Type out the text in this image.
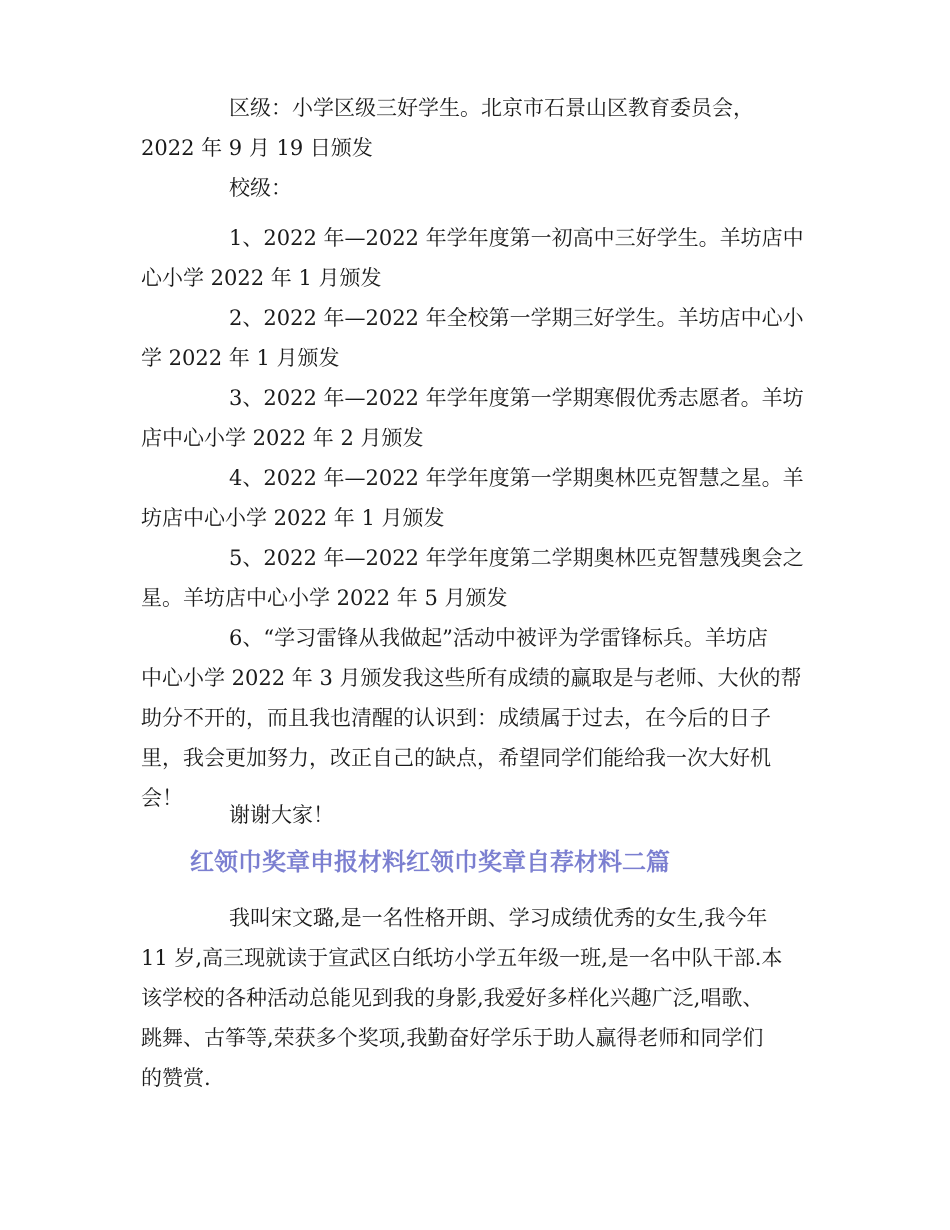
区级：小学区级三好学生。北京市石景山区教育委员会，
2022 年 9 月 19 日颁发
校级：
1、2022 年—2022 年学年度第一初高中三好学生。羊坊店中
心小学 2022 年 1 月颁发
2、2022 年—2022 年全校第一学期三好学生。羊坊店中心小
学 2022 年 1 月颁发
3、2022 年—2022 年学年度第一学期寒假优秀志愿者。羊坊
店中心小学 2022 年 2 月颁发
4、2022 年—2022 年学年度第一学期奥林匹克智慧之星。羊
坊店中心小学 2022 年 1 月颁发
5、2022 年—2022 年学年度第二学期奥林匹克智慧残奥会之
星。羊坊店中心小学 2022 年 5 月颁发
6、“学习雷锋从我做起”活动中被评为学雷锋标兵。羊坊店
中心小学 2022 年 3 月颁发我这些所有成绩的赢取是与老师、大伙的帮
助分不开的，而且我也清醒的认识到：成绩属于过去，在今后的日子
里，我会更加努力，改正自己的缺点，希望同学们能给我一次大好机
会！
谢谢大家！
红领巾奖章申报材料红领巾奖章自荐材料二篇
我叫宋文璐,是一名性格开朗、学习成绩优秀的女生,我今年
11 岁,高三现就读于宣武区白纸坊小学五年级一班,是一名中队干部.本
该学校的各种活动总能见到我的身影,我爱好多样化兴趣广泛,唱歌、
跳舞、古筝等,荣获多个奖项,我勤奋好学乐于助人赢得老师和同学们
的赞赏.
